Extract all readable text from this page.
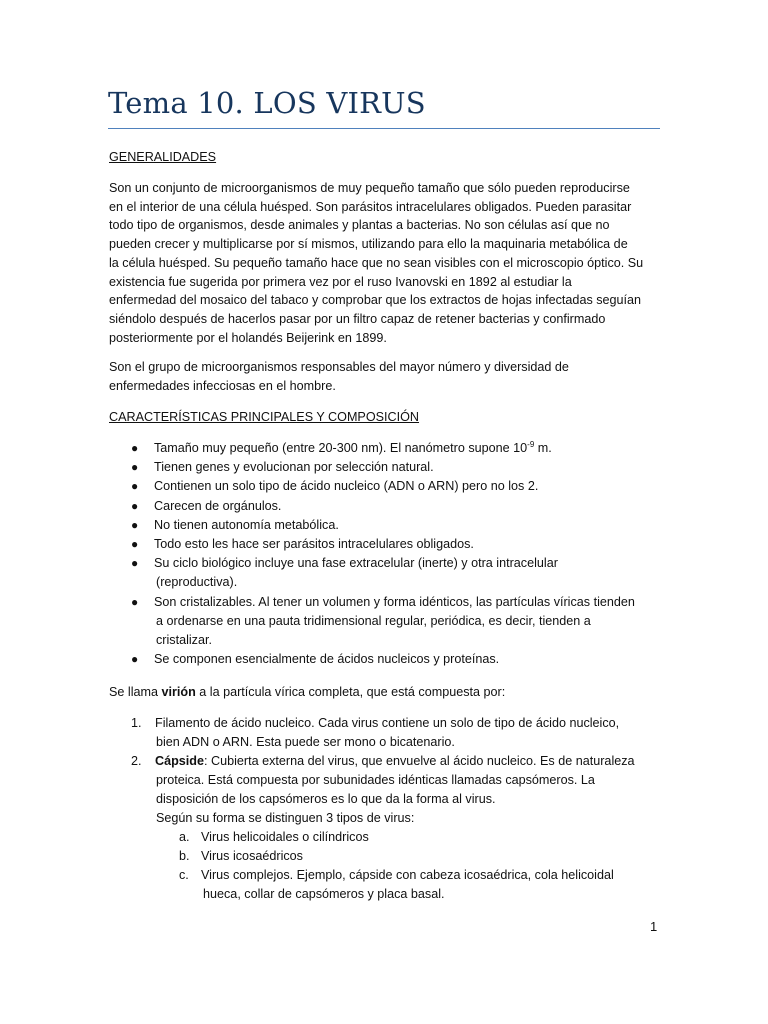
Tema 10. LOS VIRUS
GENERALIDADES
Son un conjunto de microorganismos de muy pequeño tamaño que sólo pueden reproducirse
en el interior de una célula huésped. Son parásitos intracelulares obligados. Pueden parasitar
todo tipo de organismos, desde animales y plantas a bacterias. No son células así que no
pueden crecer y multiplicarse por sí mismos, utilizando para ello la maquinaria metabólica de
la célula huésped. Su pequeño tamaño hace que no sean visibles con el microscopio óptico. Su
existencia fue sugerida por primera vez por el ruso Ivanovski en 1892 al estudiar la
enfermedad del mosaico del tabaco y comprobar que los extractos de hojas infectadas seguían
siéndolo después de hacerlos pasar por un filtro capaz de retener bacterias y confirmado
posteriormente por el holandés Beijerink en 1899.
Son el grupo de microorganismos responsables del mayor número y diversidad de
enfermedades infecciosas en el hombre.
CARACTERÍSTICAS PRINCIPALES Y COMPOSICIÓN
● Tamaño muy pequeño (entre 20-300 nm). El nanómetro supone $10^{-9}$ m.
● Tienen genes y evolucionan por selección natural.
● Contienen un solo tipo de ácido nucleico (ADN o ARN) pero no los 2.
● Carecen de orgánulos.
● No tienen autonomía metabólica.
● Todo esto les hace ser parásitos intracelulares obligados.
● Su ciclo biológico incluye una fase extracelular (inerte) y otra intracelular
(reproductiva).
● Son cristalizables. Al tener un volumen y forma idénticos, las partículas víricas tienden
a ordenarse en una pauta tridimensional regular, periódica, es decir, tienden a
cristalizar.
● Se componen esencialmente de ácidos nucleicos y proteínas.
Se llama virión a la partícula vírica completa, que está compuesta por:
1. Filamento de ácido nucleico. Cada virus contiene un solo de tipo de ácido nucleico,
bien ADN o ARN. Esta puede ser mono o bicatenario.
2. Cápside: Cubierta externa del virus, que envuelve al ácido nucleico. Es de naturaleza
proteica. Está compuesta por subunidades idénticas llamadas capsómeros. La
disposición de los capsómeros es lo que da la forma al virus.
Según su forma se distinguen 3 tipos de virus:
a. Virus helicoidales o cilíndricos
b. Virus icosaédricos
c. Virus complejos. Ejemplo, cápside con cabeza icosaédrica, cola helicoidal
hueca, collar de capsómeros y placa basal.
1
